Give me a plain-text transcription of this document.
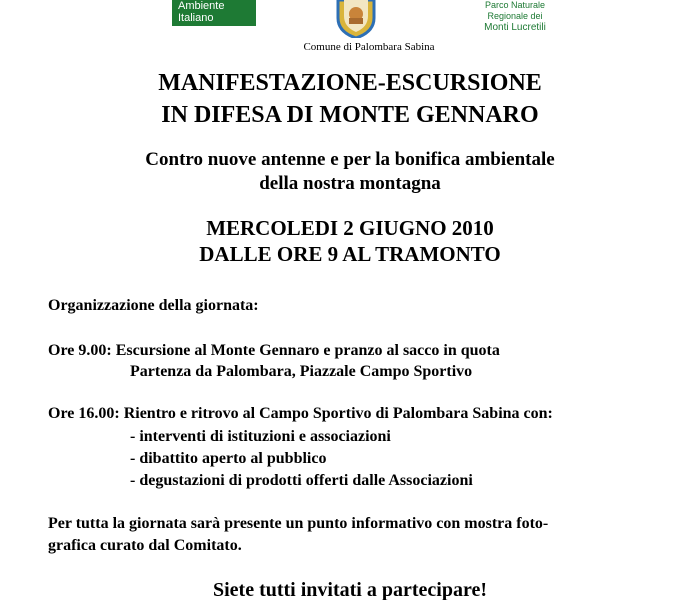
Ambiente
Italiano
Comune di Palombara Sabina
Parco Naturale
Regionale dei
Monti Lucretili
MANIFESTAZIONE-ESCURSIONE
IN DIFESA DI MONTE GENNARO
Contro nuove antenne e per la bonifica ambientale
della nostra montagna
MERCOLEDI 2 GIUGNO 2010
DALLE ORE 9 AL TRAMONTO

Organizzazione della giornata:

Ore 9.00: Escursione al Monte Gennaro e pranzo al sacco in quota

Partenza da Palombara, Piazzale Campo Sportivo

Ore 16.00: Rientro e ritrovo al Campo Sportivo di Palombara Sabina con:

- interventi di istituzioni e associazioni

- dibattito aperto al pubblico

- degustazioni di prodotti offerti dalle Associazioni

Per tutta la giornata sarà presente un punto informativo con mostra foto-

grafica curato dal Comitato.

Siete tutti invitati a partecipare!
